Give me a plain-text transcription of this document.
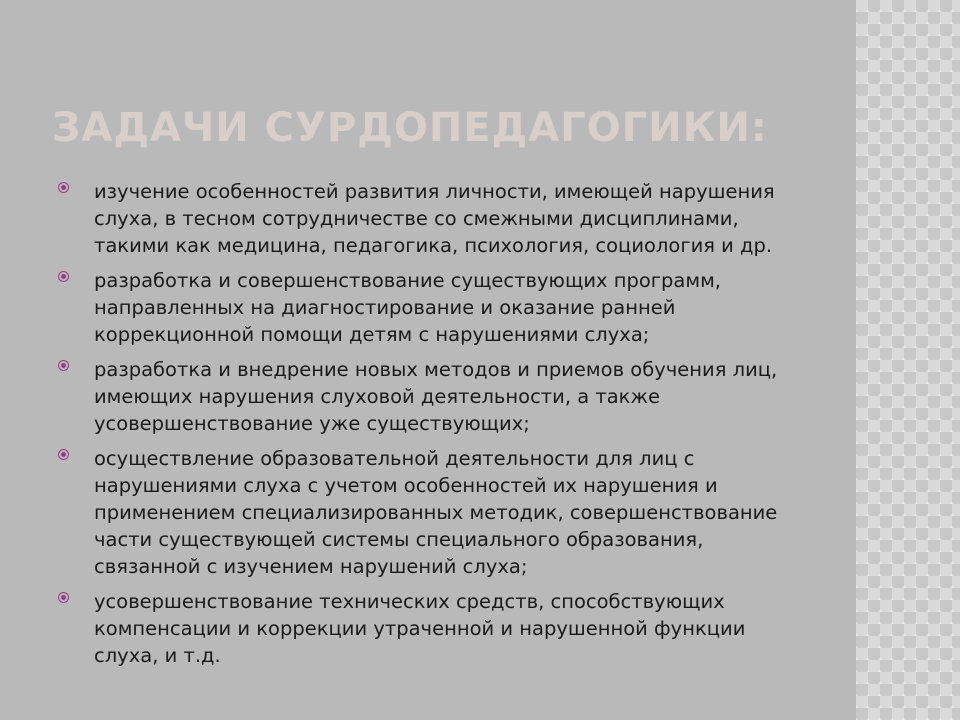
ЗАДАЧИ СУРДОПЕДАГОГИКИ:
изучение особенностей развития личности, имеющей нарушения слуха, в тесном сотрудничестве со смежными дисциплинами, такими как медицина, педагогика, психология, социология и др.
разработка и совершенствование существующих программ, направленных на диагностирование и оказание ранней коррекционной помощи детям с нарушениями слуха;
разработка и внедрение новых методов и приемов обучения лиц, имеющих нарушения слуховой деятельности, а также усовершенствование уже существующих;
осуществление образовательной деятельности для лиц с нарушениями слуха с учетом особенностей их нарушения и применением специализированных методик, совершенствование части существующей системы специального образования, связанной с изучением нарушений слуха;
усовершенствование технических средств, способствующих компенсации и коррекции утраченной и нарушенной функции слуха, и т.д.
